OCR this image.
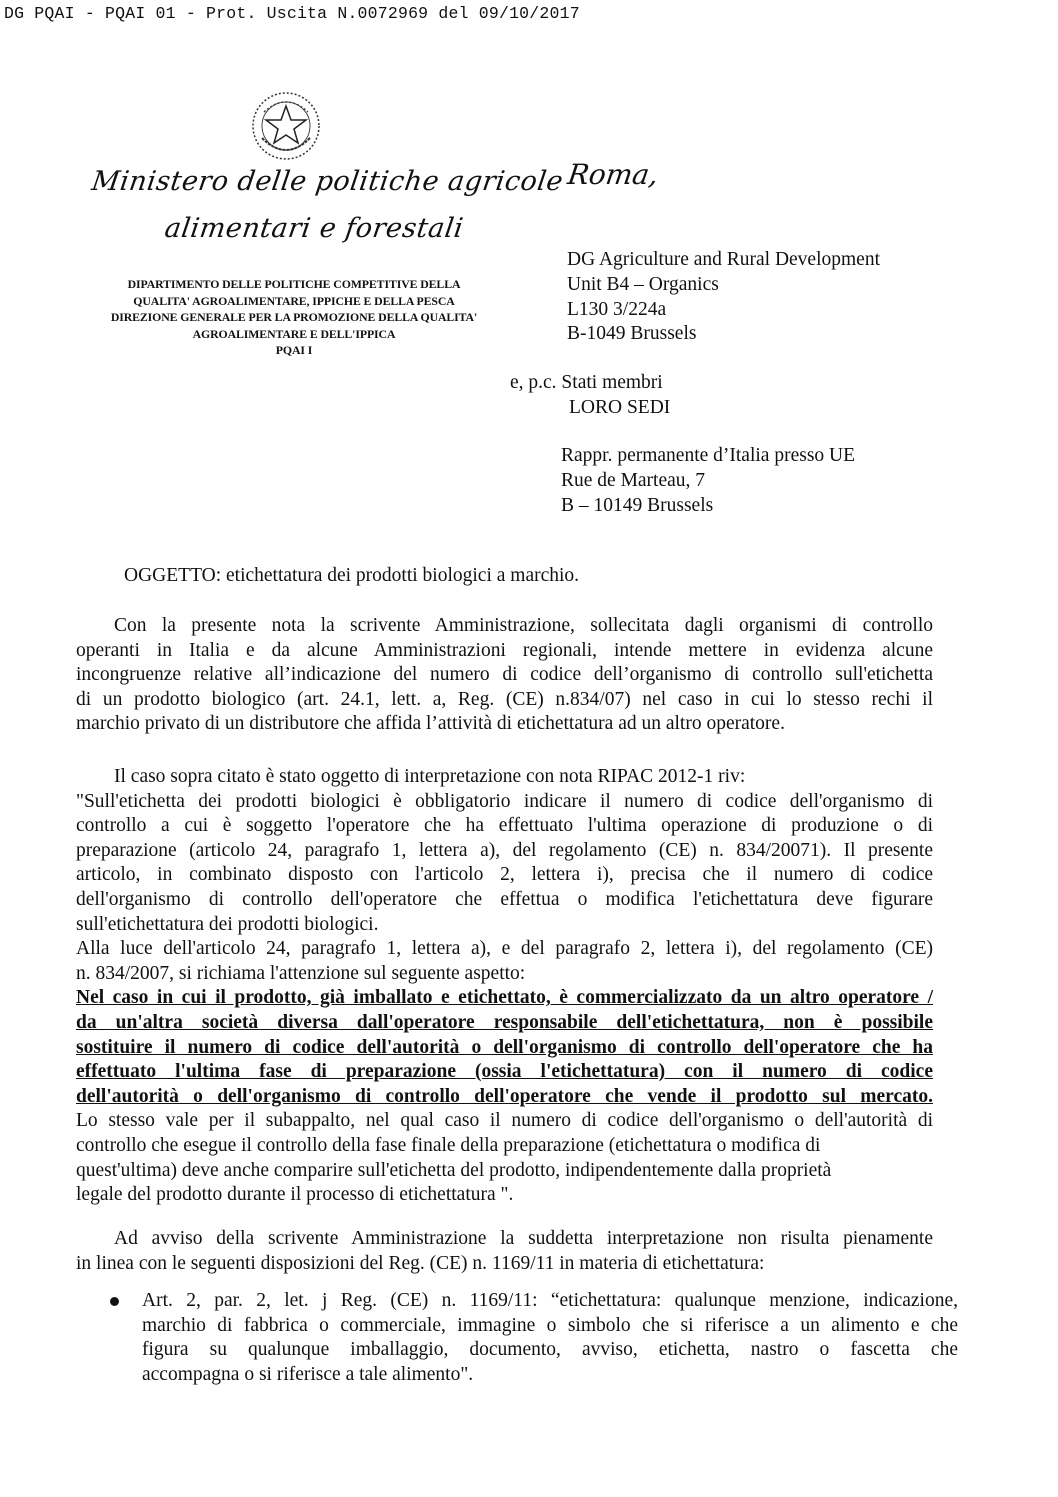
DG PQAI - PQAI 01 - Prot. Uscita N.0072969 del 09/10/2017
Ministero delle politiche agricole
alimentari e forestali
Roma,
DIPARTIMENTO DELLE POLITICHE COMPETITIVE DELLA
QUALITA' AGROALIMENTARE, IPPICHE E DELLA PESCA
DIREZIONE GENERALE PER LA PROMOZIONE DELLA QUALITA'
AGROALIMENTARE E DELL'IPPICA
PQAI I
DG Agriculture and Rural Development
Unit B4 – Organics
L130 3/224a
B-1049 Brussels
e, p.c. Stati membri
LORO SEDI
Rappr. permanente d’Italia presso UE
Rue de Marteau, 7
B – 10149 Brussels
OGGETTO: etichettatura dei prodotti biologici a marchio.
Con la presente nota la scrivente Amministrazione, sollecitata dagli organismi di controllo
operanti in Italia e da alcune Amministrazioni regionali, intende mettere in evidenza alcune
incongruenze relative all’indicazione del numero di codice dell’organismo di controllo sull'etichetta
di un prodotto biologico (art. 24.1, lett. a, Reg. (CE) n.834/07) nel caso in cui lo stesso rechi il
marchio privato di un distributore che affida l’attività di etichettatura ad un altro operatore.
Il caso sopra citato è stato oggetto di interpretazione con nota RIPAC 2012-1 riv:
"Sull'etichetta dei prodotti biologici è obbligatorio indicare il numero di codice dell'organismo di
controllo a cui è soggetto l'operatore che ha effettuato l'ultima operazione di produzione o di
preparazione (articolo 24, paragrafo 1, lettera a), del regolamento (CE) n. 834/20071). Il presente
articolo, in combinato disposto con l'articolo 2, lettera i), precisa che il numero di codice
dell'organismo di controllo dell'operatore che effettua o modifica l'etichettatura deve figurare
sull'etichettatura dei prodotti biologici.
Alla luce dell'articolo 24, paragrafo 1, lettera a), e del paragrafo 2, lettera i), del regolamento (CE)
n. 834/2007, si richiama l'attenzione sul seguente aspetto:
Nel caso in cui il prodotto, già imballato e etichettato, è commercializzato da un altro operatore /
da un'altra società diversa dall'operatore responsabile dell'etichettatura, non è possibile
sostituire il numero di codice dell'autorità o dell'organismo di controllo dell'operatore che ha
effettuato l'ultima fase di preparazione (ossia l'etichettatura) con il numero di codice
dell'autorità o dell'organismo di controllo dell'operatore che vende il prodotto sul mercato.
Lo stesso vale per il subappalto, nel qual caso il numero di codice dell'organismo o dell'autorità di
controllo che esegue il controllo della fase finale della preparazione (etichettatura o modifica di
quest'ultima) deve anche comparire sull'etichetta del prodotto, indipendentemente dalla proprietà
legale del prodotto durante il processo di etichettatura ".
Ad avviso della scrivente Amministrazione la suddetta interpretazione non risulta pienamente
in linea con le seguenti disposizioni del Reg. (CE) n. 1169/11 in materia di etichettatura:
Art. 2, par. 2, let. j Reg. (CE) n. 1169/11: “etichettatura: qualunque menzione, indicazione,
marchio di fabbrica o commerciale, immagine o simbolo che si riferisce a un alimento e che
figura su qualunque imballaggio, documento, avviso, etichetta, nastro o fascetta che
accompagna o si riferisce a tale alimento".
